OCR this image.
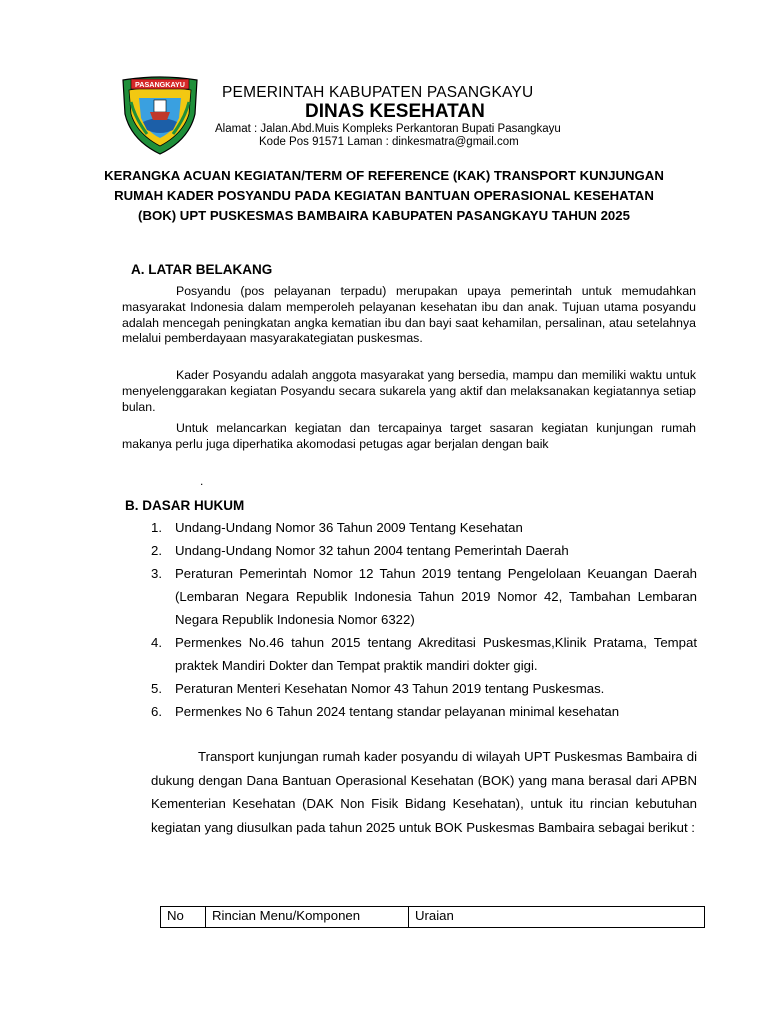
PASANGKAYU PEMERINTAH KABUPATEN PASANGKAYU
DINAS KESEHATAN
Alamat : Jalan.Abd.Muis Kompleks Perkantoran Bupati Pasangkayu
Kode Pos 91571 Laman : dinkesmatra@gmail.com
KERANGKA ACUAN KEGIATAN/TERM OF REFERENCE (KAK) TRANSPORT KUNJUNGAN RUMAH KADER POSYANDU PADA KEGIATAN BANTUAN OPERASIONAL KESEHATAN (BOK) UPT PUSKESMAS BAMBAIRA KABUPATEN PASANGKAYU TAHUN 2025
A. LATAR BELAKANG
Posyandu (pos pelayanan terpadu) merupakan upaya pemerintah untuk memudahkan masyarakat Indonesia dalam memperoleh pelayanan kesehatan ibu dan anak. Tujuan utama posyandu adalah mencegah peningkatan angka kematian ibu dan bayi saat kehamilan, persalinan, atau setelahnya melalui pemberdayaan masyarakategiatan puskesmas.
Kader Posyandu adalah anggota masyarakat yang bersedia, mampu dan memiliki waktu untuk menyelenggarakan kegiatan Posyandu secara sukarela yang aktif dan melaksanakan kegiatannya setiap bulan.
Untuk melancarkan kegiatan dan tercapainya target sasaran kegiatan kunjungan rumah makanya perlu juga diperhatika akomodasi petugas agar berjalan dengan baik
.
B. DASAR HUKUM
1. Undang-Undang Nomor 36 Tahun 2009 Tentang Kesehatan
2. Undang-Undang Nomor 32 tahun 2004 tentang Pemerintah Daerah
3. Peraturan Pemerintah Nomor 12 Tahun 2019 tentang Pengelolaan Keuangan Daerah (Lembaran Negara Republik Indonesia Tahun 2019 Nomor 42, Tambahan Lembaran Negara Republik Indonesia Nomor 6322)
4. Permenkes No.46 tahun 2015 tentang Akreditasi Puskesmas,Klinik Pratama, Tempat praktek Mandiri Dokter dan Tempat praktik mandiri dokter gigi.
5. Peraturan Menteri Kesehatan Nomor 43 Tahun 2019 tentang Puskesmas.
6. Permenkes No 6 Tahun 2024 tentang standar pelayanan minimal kesehatan
Transport kunjungan rumah kader posyandu di wilayah UPT Puskesmas Bambaira di dukung dengan Dana Bantuan Operasional Kesehatan (BOK) yang mana berasal dari APBN Kementerian Kesehatan (DAK Non Fisik Bidang Kesehatan), untuk itu rincian kebutuhan kegiatan yang diusulkan pada tahun 2025 untuk BOK Puskesmas Bambaira sebagai berikut :
No	Rincian Menu/Komponen	Uraian
